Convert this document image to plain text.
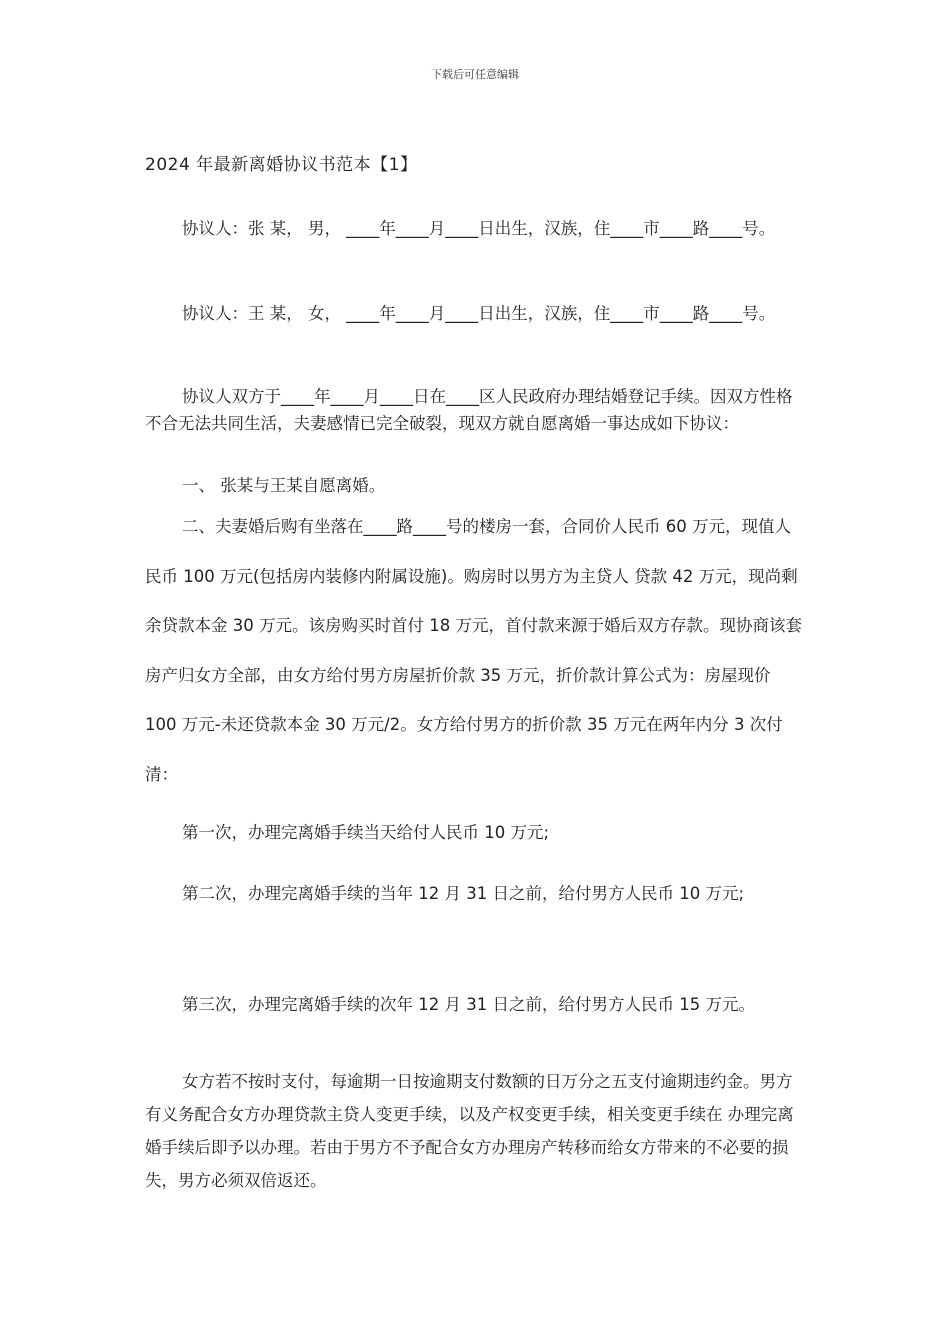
下载后可任意编辑
2024 年最新离婚协议书范本【1】

协议人：张 某， 男， ____年____月____日出生，汉族，住____市____路____号。

协议人：王 某， 女， ____年____月____日出生，汉族，住____市____路____号。

协议人双方于____年____月____日在____区人民政府办理结婚登记手续。因双方性格不合无法共同生活，夫妻感情已完全破裂，现双方就自愿离婚一事达成如下协议：

一、 张某与王某自愿离婚。

二、夫妻婚后购有坐落在____路____号的楼房一套，合同价人民币 60 万元，现值人民币 100 万元(包括房内装修内附属设施)。购房时以男方为主贷人 贷款 42 万元，现尚剩余贷款本金 30 万元。该房购买时首付 18 万元，首付款来源于婚后双方存款。现协商该套房产归女方全部，由女方给付男方房屋折价款 35 万元，折价款计算公式为：房屋现价 100 万元-未还贷款本金 30 万元/2。女方给付男方的折价款 35 万元在两年内分 3 次付清：

第一次，办理完离婚手续当天给付人民币 10 万元;

第二次，办理完离婚手续的当年 12 月 31 日之前，给付男方人民币 10 万元;

第三次，办理完离婚手续的次年 12 月 31 日之前，给付男方人民币 15 万元。

女方若不按时支付，每逾期一日按逾期支付数额的日万分之五支付逾期违约金。男方有义务配合女方办理贷款主贷人变更手续，以及产权变更手续，相关变更手续在 办理完离婚手续后即予以办理。若由于男方不予配合女方办理房产转移而给女方带来的不必要的损失，男方必须双倍返还。
